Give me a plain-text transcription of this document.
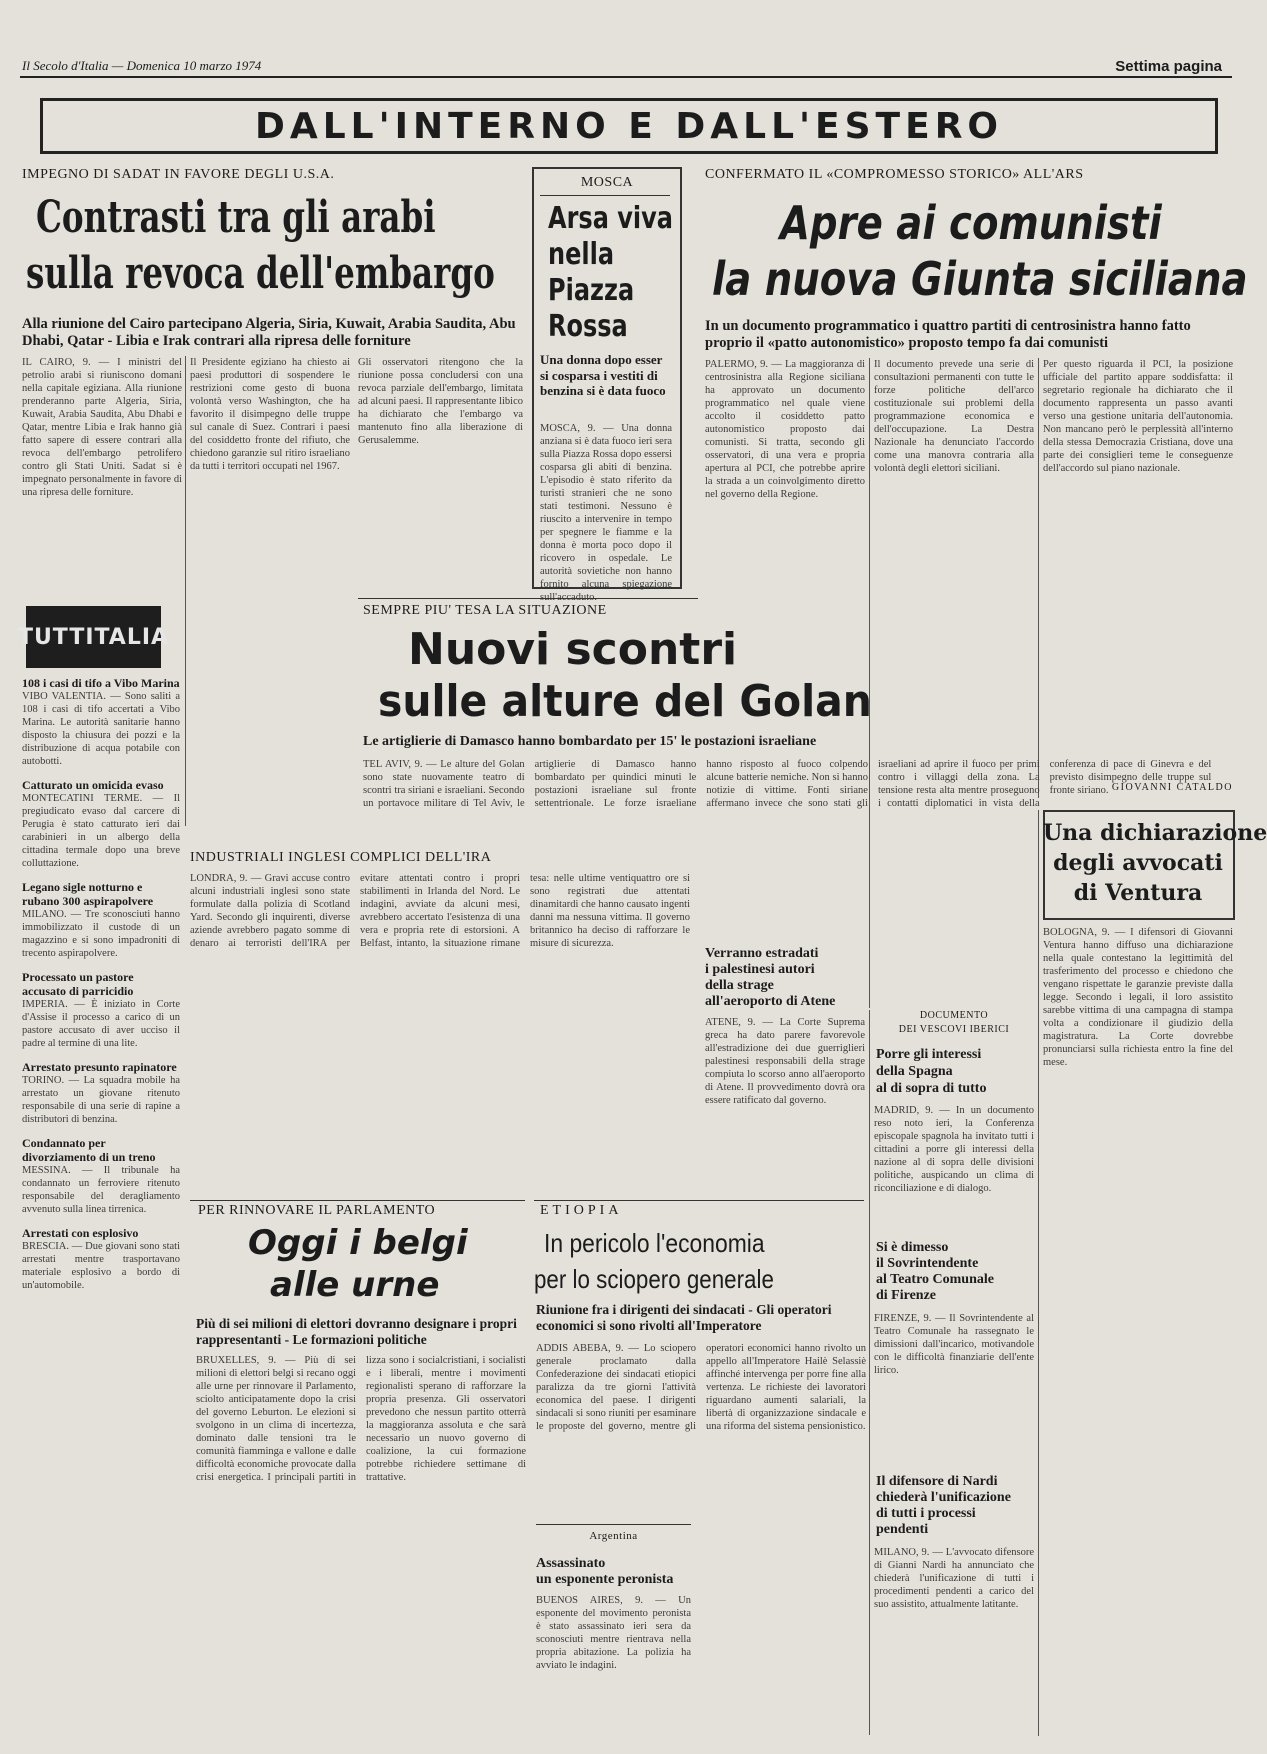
Il Secolo d'Italia — Domenica 10 marzo 1974	Settima pagina
DALL'INTERNO E DALL'ESTERO
IMPEGNO DI SADAT IN FAVORE DEGLI U.S.A.
Contrasti tra gli arabi
sulla revoca dell'embargo
Alla riunione del Cairo partecipano Algeria, Siria, Kuwait, Arabia Saudita, Abu Dhabi, Qatar - Libia e Irak contrari alla ripresa delle forniture
IL CAIRO, 9. — I ministri del petrolio arabi si riuniscono domani nella capitale egiziana. Alla riunione prenderanno parte Algeria, Siria, Kuwait, Arabia Saudita, Abu Dhabi e Qatar, mentre Libia e Irak hanno già fatto sapere di essere contrari alla revoca dell'embargo petrolifero contro gli Stati Uniti. Sadat si è impegnato personalmente in favore di una ripresa delle forniture.
Il Presidente egiziano ha chiesto ai paesi produttori di sospendere le restrizioni come gesto di buona volontà verso Washington, che ha favorito il disimpegno delle truppe sul canale di Suez. Contrari i paesi del cosiddetto fronte del rifiuto, che chiedono garanzie sul ritiro israeliano da tutti i territori occupati nel 1967.
Gli osservatori ritengono che la riunione possa concludersi con una revoca parziale dell'embargo, limitata ad alcuni paesi. Il rappresentante libico ha dichiarato che l'embargo va mantenuto fino alla liberazione di Gerusalemme.
MOSCA
Arsa viva
nella
Piazza
Rossa
Una donna dopo esser si cosparsa i vestiti di benzina si è data fuoco
MOSCA, 9. — Una donna anziana si è data fuoco ieri sera sulla Piazza Rossa dopo essersi cosparsa gli abiti di benzina. L'episodio è stato riferito da turisti stranieri che ne sono stati testimoni. Nessuno è riuscito a intervenire in tempo per spegnere le fiamme e la donna è morta poco dopo il ricovero in ospedale. Le autorità sovietiche non hanno fornito alcuna spiegazione sull'accaduto.
CONFERMATO IL «COMPROMESSO STORICO» ALL'ARS
Apre ai comunisti
la nuova Giunta siciliana
In un documento programmatico i quattro partiti di centrosinistra hanno fatto proprio il «patto autonomistico» proposto tempo fa dai comunisti
PALERMO, 9. — La maggioranza di centrosinistra alla Regione siciliana ha approvato un documento programmatico nel quale viene accolto il cosiddetto patto autonomistico proposto dai comunisti. Si tratta, secondo gli osservatori, di una vera e propria apertura al PCI, che potrebbe aprire la strada a un coinvolgimento diretto nel governo della Regione.
Il documento prevede una serie di consultazioni permanenti con tutte le forze politiche dell'arco costituzionale sui problemi della programmazione economica e dell'occupazione. La Destra Nazionale ha denunciato l'accordo come una manovra contraria alla volontà degli elettori siciliani.
Per questo riguarda il PCI, la posizione ufficiale del partito appare soddisfatta: il segretario regionale ha dichiarato che il documento rappresenta un passo avanti verso una gestione unitaria dell'autonomia. Non mancano però le perplessità all'interno della stessa Democrazia Cristiana, dove una parte dei consiglieri teme le conseguenze dell'accordo sul piano nazionale.
GIOVANNI CATALDO
TUTTITALIA
108 i casi di tifo a Vibo Marina
VIBO VALENTIA. — Sono saliti a 108 i casi di tifo accertati a Vibo Marina. Le autorità sanitarie hanno disposto la chiusura dei pozzi e la distribuzione di acqua potabile con autobotti.
Catturato un omicida evaso
MONTECATINI TERME. — Il pregiudicato evaso dal carcere di Perugia è stato catturato ieri dai carabinieri in un albergo della cittadina termale dopo una breve colluttazione.
Legano sigle notturno e rubano 300 aspirapolvere
MILANO. — Tre sconosciuti hanno immobilizzato il custode di un magazzino e si sono impadroniti di trecento aspirapolvere.
Processato un pastore accusato di parricidio
IMPERIA. — È iniziato in Corte d'Assise il processo a carico di un pastore accusato di aver ucciso il padre al termine di una lite.
Arrestato presunto rapinatore
TORINO. — La squadra mobile ha arrestato un giovane ritenuto responsabile di una serie di rapine a distributori di benzina.
Condannato per divorziamento di un treno
MESSINA. — Il tribunale ha condannato un ferroviere ritenuto responsabile del deragliamento avvenuto sulla linea tirrenica.
Arrestati con esplosivo
BRESCIA. — Due giovani sono stati arrestati mentre trasportavano materiale esplosivo a bordo di un'automobile.
SEMPRE PIU' TESA LA SITUAZIONE
Nuovi scontri
sulle alture del Golan
Le artiglierie di Damasco hanno bombardato per 15' le postazioni israeliane
TEL AVIV, 9. — Le alture del Golan sono state nuovamente teatro di scontri tra siriani e israeliani. Secondo un portavoce militare di Tel Aviv, le artiglierie di Damasco hanno bombardato per quindici minuti le postazioni israeliane sul fronte settentrionale. Le forze israeliane hanno risposto al fuoco colpendo alcune batterie nemiche. Non si hanno notizie di vittime. Fonti siriane affermano invece che sono stati gli israeliani ad aprire il fuoco per primi contro i villaggi della zona. La tensione resta alta mentre proseguono i contatti diplomatici in vista della conferenza di pace di Ginevra e del previsto disimpegno delle truppe sul fronte siriano.
INDUSTRIALI INGLESI COMPLICI DELL'IRA
LONDRA, 9. — Gravi accuse contro alcuni industriali inglesi sono state formulate dalla polizia di Scotland Yard. Secondo gli inquirenti, diverse aziende avrebbero pagato somme di denaro ai terroristi dell'IRA per evitare attentati contro i propri stabilimenti in Irlanda del Nord. Le indagini, avviate da alcuni mesi, avrebbero accertato l'esistenza di una vera e propria rete di estorsioni. A Belfast, intanto, la situazione rimane tesa: nelle ultime ventiquattro ore si sono registrati due attentati dinamitardi che hanno causato ingenti danni ma nessuna vittima. Il governo britannico ha deciso di rafforzare le misure di sicurezza.
Verranno estradati
i palestinesi autori
della strage
all'aeroporto di Atene
ATENE, 9. — La Corte Suprema greca ha dato parere favorevole all'estradizione dei due guerriglieri palestinesi responsabili della strage compiuta lo scorso anno all'aeroporto di Atene. Il provvedimento dovrà ora essere ratificato dal governo.
DOCUMENTO
DEI VESCOVI IBERICI
Porre gli interessi
della Spagna
al di sopra di tutto
MADRID, 9. — In un documento reso noto ieri, la Conferenza episcopale spagnola ha invitato tutti i cittadini a porre gli interessi della nazione al di sopra delle divisioni politiche, auspicando un clima di riconciliazione e di dialogo.
Si è dimesso
il Sovrintendente
al Teatro Comunale
di Firenze
FIRENZE, 9. — Il Sovrintendente al Teatro Comunale ha rassegnato le dimissioni dall'incarico, motivandole con le difficoltà finanziarie dell'ente lirico.
Il difensore di Nardi
chiederà l'unificazione
di tutti i processi
pendenti
MILANO, 9. — L'avvocato difensore di Gianni Nardi ha annunciato che chiederà l'unificazione di tutti i procedimenti pendenti a carico del suo assistito, attualmente latitante.
Una dichiarazione
degli avvocati
di Ventura
BOLOGNA, 9. — I difensori di Giovanni Ventura hanno diffuso una dichiarazione nella quale contestano la legittimità del trasferimento del processo e chiedono che vengano rispettate le garanzie previste dalla legge. Secondo i legali, il loro assistito sarebbe vittima di una campagna di stampa volta a condizionare il giudizio della magistratura. La Corte dovrebbe pronunciarsi sulla richiesta entro la fine del mese.
PER RINNOVARE IL PARLAMENTO
Oggi i belgi
alle urne
Più di sei milioni di elettori dovranno designare i propri rappresentanti - Le formazioni politiche
BRUXELLES, 9. — Più di sei milioni di elettori belgi si recano oggi alle urne per rinnovare il Parlamento, sciolto anticipatamente dopo la crisi del governo Leburton. Le elezioni si svolgono in un clima di incertezza, dominato dalle tensioni tra le comunità fiamminga e vallone e dalle difficoltà economiche provocate dalla crisi energetica. I principali partiti in lizza sono i socialcristiani, i socialisti e i liberali, mentre i movimenti regionalisti sperano di rafforzare la propria presenza. Gli osservatori prevedono che nessun partito otterrà la maggioranza assoluta e che sarà necessario un nuovo governo di coalizione, la cui formazione potrebbe richiedere settimane di trattative.
ETIOPIA
In pericolo l'economia
per lo sciopero generale
Riunione fra i dirigenti dei sindacati - Gli operatori economici si sono rivolti all'Imperatore
ADDIS ABEBA, 9. — Lo sciopero generale proclamato dalla Confederazione dei sindacati etiopici paralizza da tre giorni l'attività economica del paese. I dirigenti sindacali si sono riuniti per esaminare le proposte del governo, mentre gli operatori economici hanno rivolto un appello all'Imperatore Hailè Selassiè affinché intervenga per porre fine alla vertenza. Le richieste dei lavoratori riguardano aumenti salariali, la libertà di organizzazione sindacale e una riforma del sistema pensionistico.
Argentina
Assassinato
un esponente peronista
BUENOS AIRES, 9. — Un esponente del movimento peronista è stato assassinato ieri sera da sconosciuti mentre rientrava nella propria abitazione. La polizia ha avviato le indagini.
